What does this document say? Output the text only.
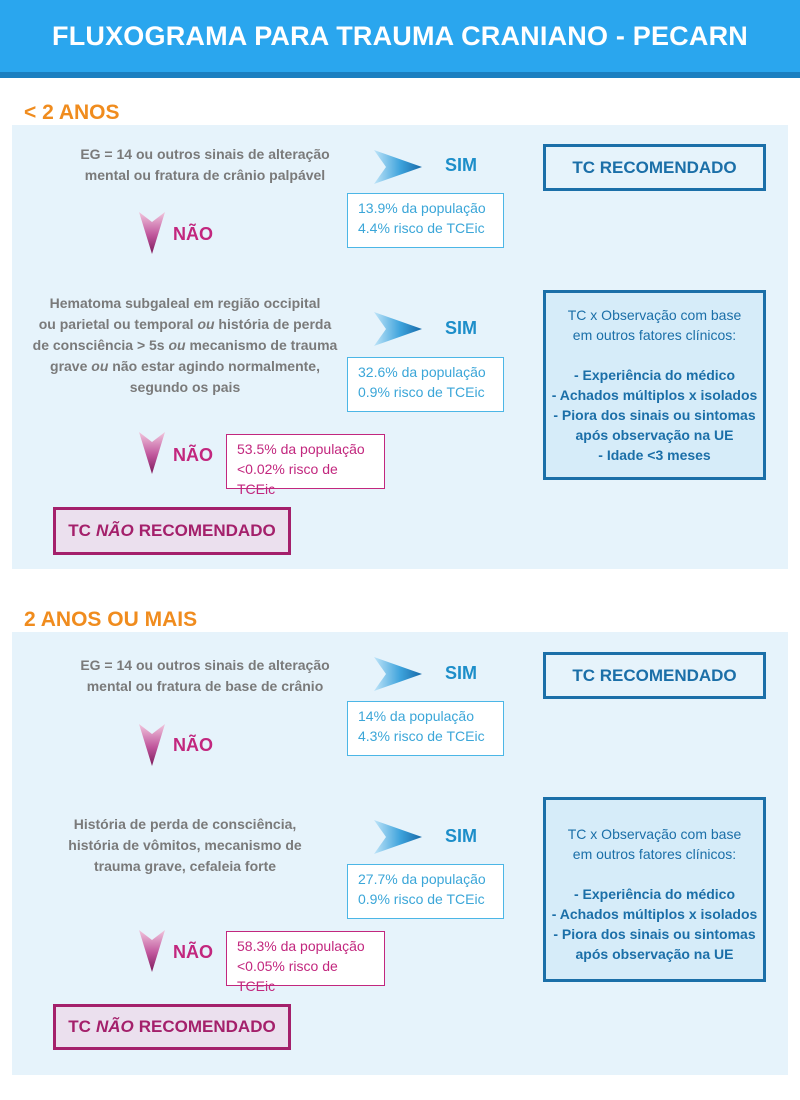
FLUXOGRAMA PARA TRAUMA CRANIANO - PECARN
< 2 ANOS
EG = 14 ou outros sinais de alteração
mental ou fratura de crânio palpável	SIM	TC RECOMENDADO
13.9% da população
4.4% risco de TCEic
NÃO
Hematoma subgaleal em região occipital
ou parietal ou temporal ou história de perda
de consciência > 5s ou mecanismo de trauma
grave ou não estar agindo normalmente,
segundo os pais
SIM
32.6% da população
0.9% risco de TCEic
TC x Observação com base
em outros fatores clínicos:
- Experiência do médico
- Achados múltiplos x isolados
- Piora dos sinais ou sintomas
após observação na UE
- Idade <3 meses
NÃO 53.5% da população
<0.02% risco de TCEic
TC NÃO RECOMENDADO
2 ANOS OU MAIS
EG = 14 ou outros sinais de alteração
mental ou fratura de base de crânio
SIM	TC RECOMENDADO
14% da população
4.3% risco de TCEic
NÃO
História de perda de consciência,
história de vômitos, mecanismo de
trauma grave, cefaleia forte
SIM
27.7% da população
0.9% risco de TCEic
TC x Observação com base
em outros fatores clínicos:
- Experiência do médico
- Achados múltiplos x isolados
- Piora dos sinais ou sintomas
após observação na UE
NÃO 58.3% da população
<0.05% risco de TCEic
TC NÃO RECOMENDADO
